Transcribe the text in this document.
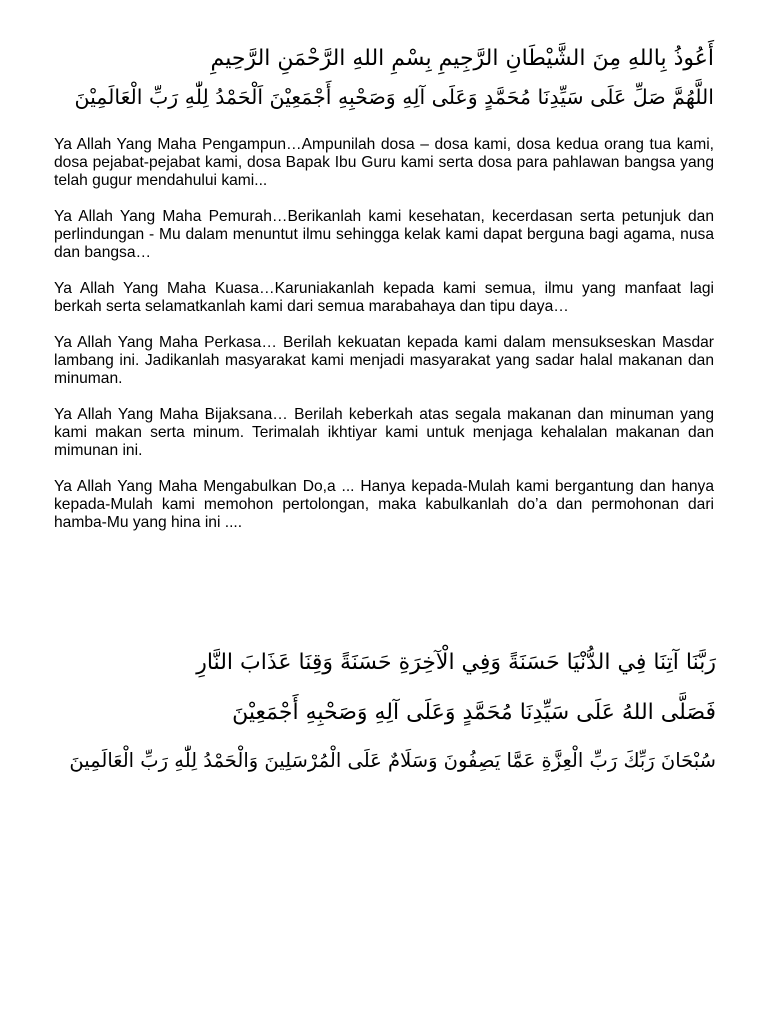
أَعُوذُ بِاللهِ مِنَ الشَّيْطَانِ الرَّجِيمِ بِسْمِ اللهِ الرَّحْمَنِ الرَّحِيمِ
اللَّهُمَّ صَلِّ عَلَى سَيِّدِنَا مُحَمَّدٍ وَعَلَى آلِهِ وَصَحْبِهِ أَجْمَعِيْنَ اَلْحَمْدُ لِلّٰهِ رَبِّ الْعَالَمِيْنَ

Ya Allah Yang Maha Pengampun…Ampunilah dosa – dosa kami, dosa kedua orang tua kami, dosa pejabat-pejabat kami, dosa Bapak Ibu Guru kami serta dosa para pahlawan bangsa yang telah gugur mendahului kami...

Ya Allah Yang Maha Pemurah…Berikanlah kami kesehatan, kecerdasan serta petunjuk dan perlindungan - Mu dalam menuntut ilmu sehingga kelak kami dapat berguna bagi agama, nusa dan bangsa…

Ya Allah Yang Maha Kuasa…Karuniakanlah kepada kami semua, ilmu yang manfaat lagi berkah serta selamatkanlah kami dari semua marabahaya dan tipu daya…

Ya Allah Yang Maha Perkasa… Berilah kekuatan kepada kami dalam mensukseskan Masdar lambang ini. Jadikanlah masyarakat kami menjadi masyarakat yang sadar halal makanan dan minuman.

Ya Allah Yang Maha Bijaksana… Berilah keberkah atas segala makanan dan minuman yang kami makan serta minum. Terimalah ikhtiyar kami untuk menjaga kehalalan makanan dan mimunan ini.

Ya Allah Yang Maha Mengabulkan Do,a ... Hanya kepada-Mulah kami bergantung dan hanya kepada-Mulah kami memohon pertolongan, maka kabulkanlah do’a dan permohonan dari hamba-Mu yang hina ini ....

رَبَّنَا آتِنَا فِي الدُّنْيَا حَسَنَةً وَفِي الْآخِرَةِ حَسَنَةً وَقِنَا عَذَابَ النَّارِ
فَصَلَّى اللهُ عَلَى سَيِّدِنَا مُحَمَّدٍ وَعَلَى آلِهِ وَصَحْبِهِ أَجْمَعِيْنَ
سُبْحَانَ رَبِّكَ رَبِّ الْعِزَّةِ عَمَّا يَصِفُونَ وَسَلَامٌ عَلَى الْمُرْسَلِينَ وَالْحَمْدُ لِلّٰهِ رَبِّ الْعَالَمِينَ
